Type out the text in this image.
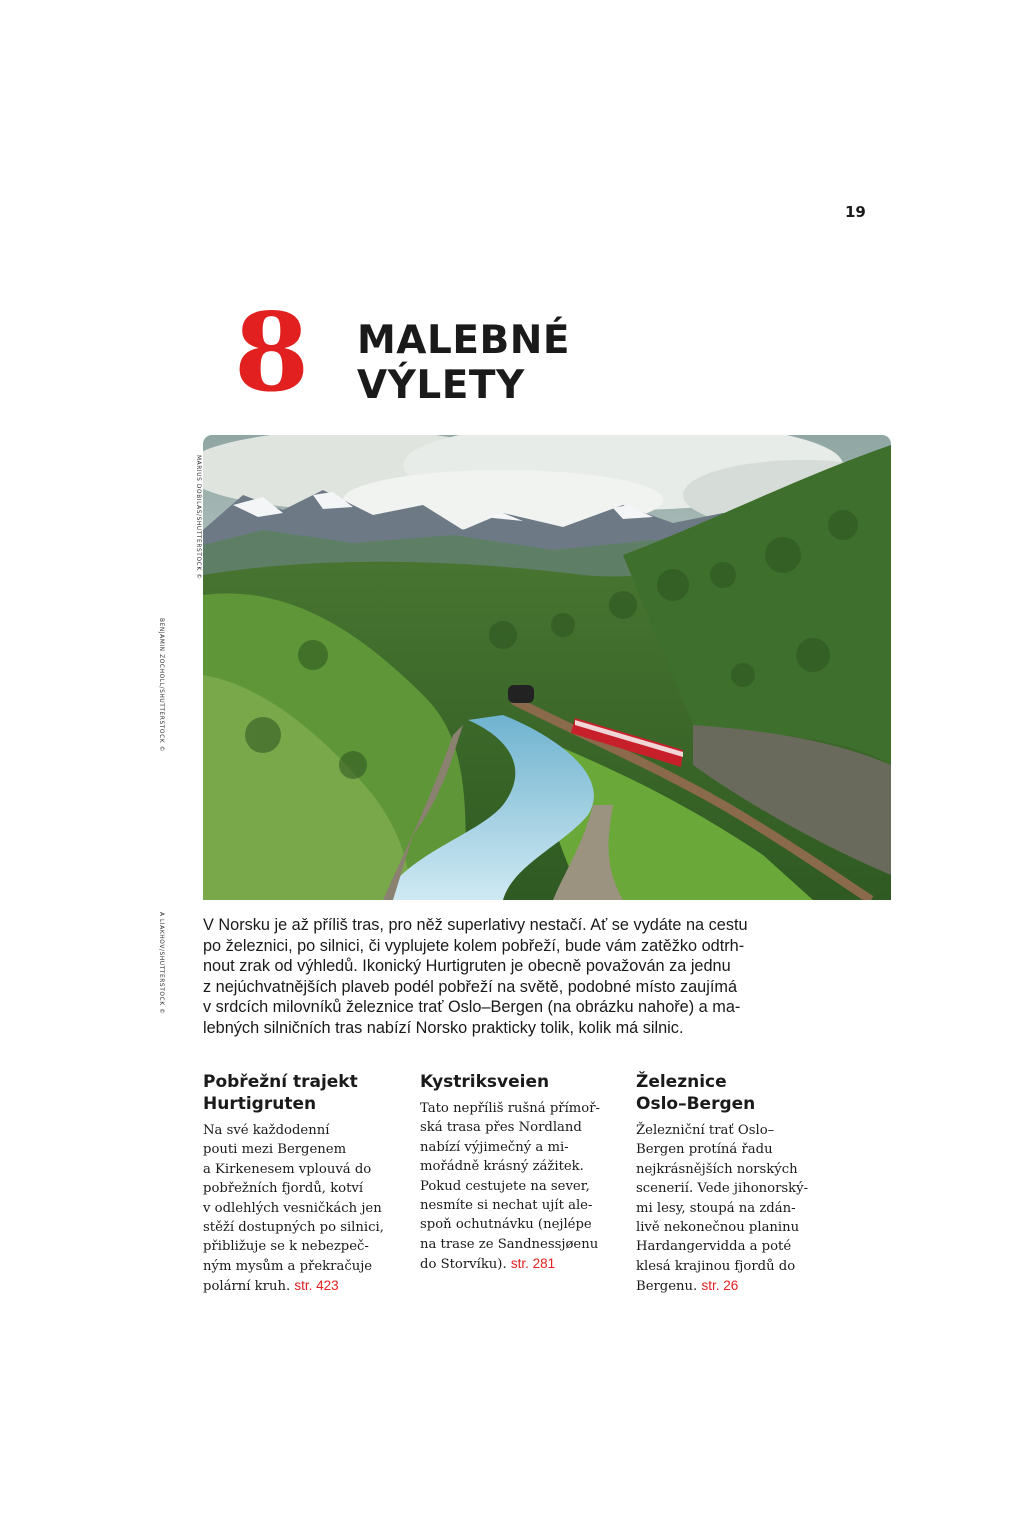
19
8	MALEBNÉ
VÝLETY
MARIUS DOBILAS/SHUTTERSTOCK ©
BENJAMIN ZOCHOLL/SHUTTERSTOCK ©
A LIAKHOV/SHUTTERSTOCK © V Norsku je až příliš tras, pro něž superlativy nestačí. Ať se vydáte na cestu
po železnici, po silnici, či vyplujete kolem pobřeží, bude vám zatěžko odtrh-
nout zrak od výhledů. Ikonický Hurtigruten je obecně považován za jednu
z nejúchvatnějších plaveb podél pobřeží na světě, podobné místo zaujímá
v srdcích milovníků železnice trať Oslo–Bergen (na obrázku nahoře) a ma-
lebných silničních tras nabízí Norsko prakticky tolik, kolik má silnic.
Pobřežní trajekt
Hurtigruten
Na své každodenní
pouti mezi Bergenem
a Kirkenesem vplouvá do
pobřežních fjordů, kotví
v odlehlých vesničkách jen
stěží dostupných po silnici,
přibližuje se k nebezpeč-
ným mysům a překračuje
polární kruh. str. 423
Kystriksveien
Tato nepříliš rušná přímoř-
ská trasa přes Nordland
nabízí výjimečný a mi-
mořádně krásný zážitek.
Pokud cestujete na sever,
nesmíte si nechat ujít ale-
spoň ochutnávku (nejlépe
na trase ze Sandnessjøenu
do Storvíku). str. 281
Železnice
Oslo–Bergen
Železniční trať Oslo–
Bergen protíná řadu
nejkrásnějších norských
scenerií. Vede jihonorský-
mi lesy, stoupá na zdán-
livě nekonečnou planinu
Hardangervidda a poté
klesá krajinou fjordů do
Bergenu. str. 26
